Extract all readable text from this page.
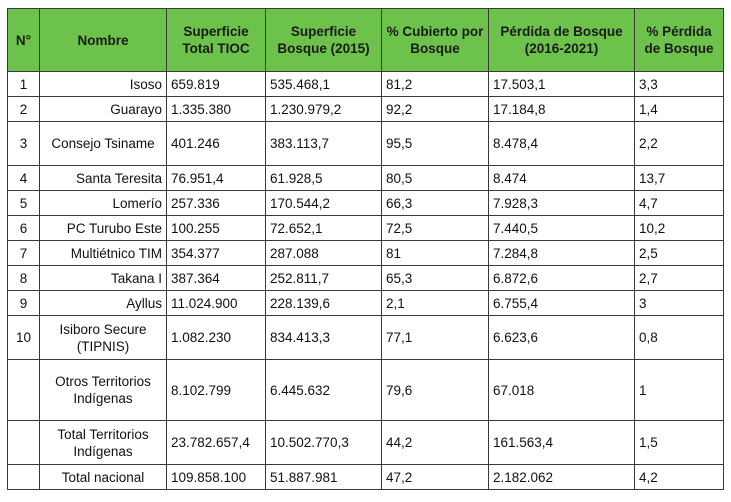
N°	Nombre	Superficie Total TIOC	Superficie Bosque (2015)	% Cubierto por Bosque	Pérdida de Bosque (2016-2021)	% Pérdida de Bosque
1	Isoso	659.819	535.468,1	81,2	17.503,1	3,3
2	Guarayo	1.335.380	1.230.979,2	92,2	17.184,8	1,4
3	Consejo Tsiname	401.246	383.113,7	95,5	8.478,4	2,2
4	Santa Teresita	76.951,4	61.928,5	80,5	8.474	13,7
5	Lomerío	257.336	170.544,2	66,3	7.928,3	4,7
6	PC Turubo Este	100.255	72.652,1	72,5	7.440,5	10,2
7	Multiétnico TIM	354.377	287.088	81	7.284,8	2,5
8	Takana I	387.364	252.811,7	65,3	6.872,6	2,7
9	Ayllus	11.024.900	228.139,6	2,1	6.755,4	3
10	Isiboro Secure (TIPNIS)	1.082.230	834.413,3	77,1	6.623,6	0,8
	Otros Territorios Indígenas	8.102.799	6.445.632	79,6	67.018	1
	Total Territorios Indígenas	23.782.657,4	10.502.770,3	44,2	161.563,4	1,5
	Total nacional	109.858.100	51.887.981	47,2	2.182.062	4,2
